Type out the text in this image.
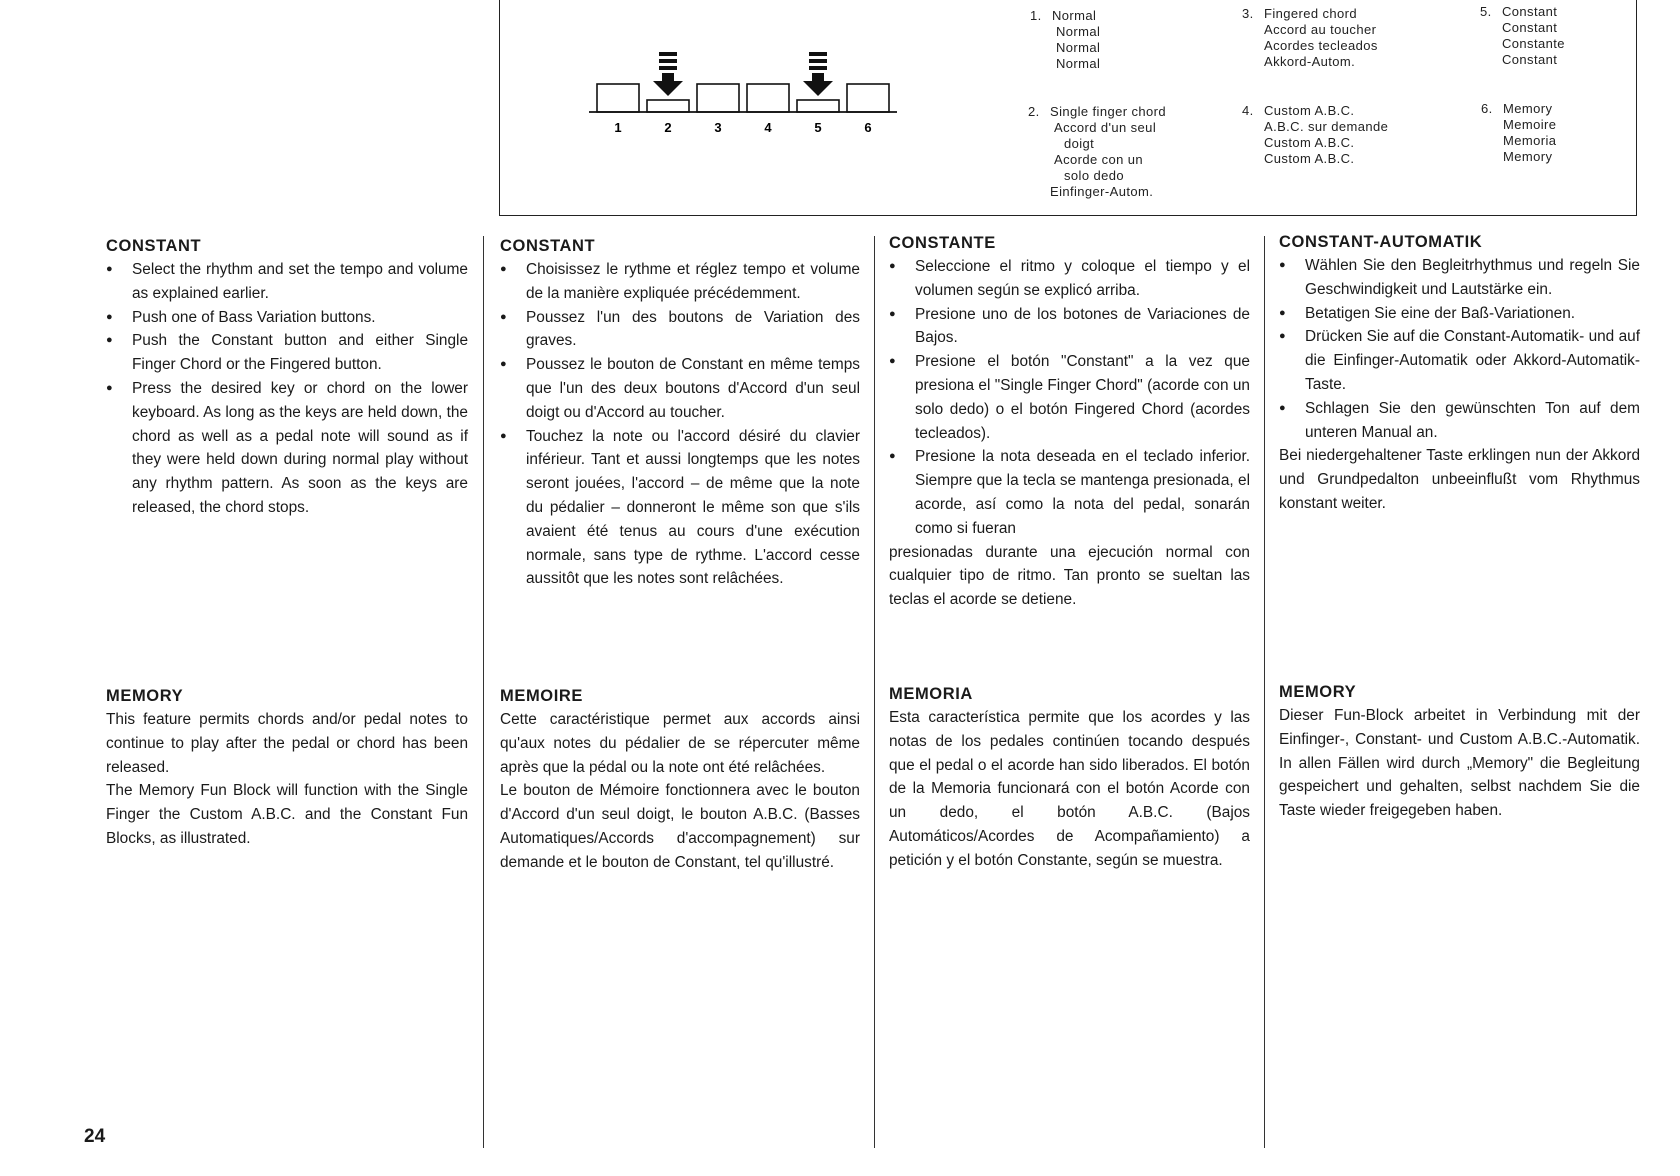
1	2	3	4	5	6
1. Normal
Normal
Normal
Normal
2. Single finger chord
Accord d'un seul
doigt
Acorde con un
solo dedo
Einfinger-Autom.
3. Fingered chord
Accord au toucher
Acordes tecleados
Akkord-Autom.
4. Custom A.B.C.
A.B.C. sur demande
Custom A.B.C.
Custom A.B.C.
5. Constant
Constant
Constante
Constant
6. Memory
Memoire
Memoria
Memory
CONSTANT
● Select the rhythm and set the tempo and volume as explained earlier.
● Push one of Bass Variation buttons.
● Push the Constant button and either Single Finger Chord or the Fingered button.
● Press the desired key or chord on the lower keyboard. As long as the keys are held down, the chord as well as a pedal note will sound as if they were held down during normal play without any rhythm pattern. As soon as the keys are released, the chord stops.
MEMORY

This feature permits chords and/or pedal notes to continue to play after the pedal or chord has been released.

The Memory Fun Block will function with the Single Finger the Custom A.B.C. and the Constant Fun Blocks, as illustrated.

CONSTANT
● Choisissez le rythme et réglez tempo et volume de la manière expliquée précédemment.
● Poussez l'un des boutons de Variation des graves.
● Poussez le bouton de Constant en même temps que l'un des deux boutons d'Accord d'un seul doigt ou d'Accord au toucher.
● Touchez la note ou l'accord désiré du clavier inférieur. Tant et aussi longtemps que les notes seront jouées, l'accord – de même que la note du pédalier – donneront le même son que s'ils avaient été tenus au cours d'une exécution normale, sans type de rythme. L'accord cesse aussitôt que les notes sont relâchées.
MEMOIRE

Cette caractéristique permet aux accords ainsi qu'aux notes du pédalier de se répercuter même après que la pédal ou la note ont été relâchées.

Le bouton de Mémoire fonctionnera avec le bouton d'Accord d'un seul doigt, le bouton A.B.C. (Basses Automatiques/Accords d'accompagnement) sur demande et le bouton de Constant, tel qu'illustré.

CONSTANTE
● Seleccione el ritmo y coloque el tiempo y el volumen según se explicó arriba.
● Presione uno de los botones de Variaciones de Bajos.
● Presione el botón "Constant" a la vez que presiona el "Single Finger Chord" (acorde con un solo dedo) o el botón Fingered Chord (acordes tecleados).
● Presione la nota deseada en el teclado inferior. Siempre que la tecla se mantenga presionada, el acorde, así como la nota del pedal, sonarán como si fueran

presionadas durante una ejecución normal con cualquier tipo de ritmo. Tan pronto se sueltan las teclas el acorde se detiene.

MEMORIA

Esta característica permite que los acordes y las notas de los pedales continúen tocando después que el pedal o el acorde han sido liberados. El botón de la Memoria funcionará con el botón Acorde con un dedo, el botón A.B.C. (Bajos Automáticos/Acordes de Acompañamiento) a petición y el botón Constante, según se muestra.

CONSTANT-AUTOMATIK
● Wählen Sie den Begleitrhythmus und regeln Sie Geschwindigkeit und Lautstärke ein.
● Betatigen Sie eine der Baß-Variationen.
● Drücken Sie auf die Constant-Automatik- und auf die Einfinger-Automatik oder Akkord-Automatik-Taste.
● Schlagen Sie den gewünschten Ton auf dem unteren Manual an.

Bei niedergehaltener Taste erklingen nun der Akkord und Grundpedalton unbeeinflußt vom Rhythmus konstant weiter.

MEMORY

Dieser Fun-Block arbeitet in Verbindung mit der Einfinger-, Constant- und Custom A.B.C.-Automatik. In allen Fällen wird durch „Memory" die Begleitung gespeichert und gehalten, selbst nachdem Sie die Taste wieder freigegeben haben.

24
